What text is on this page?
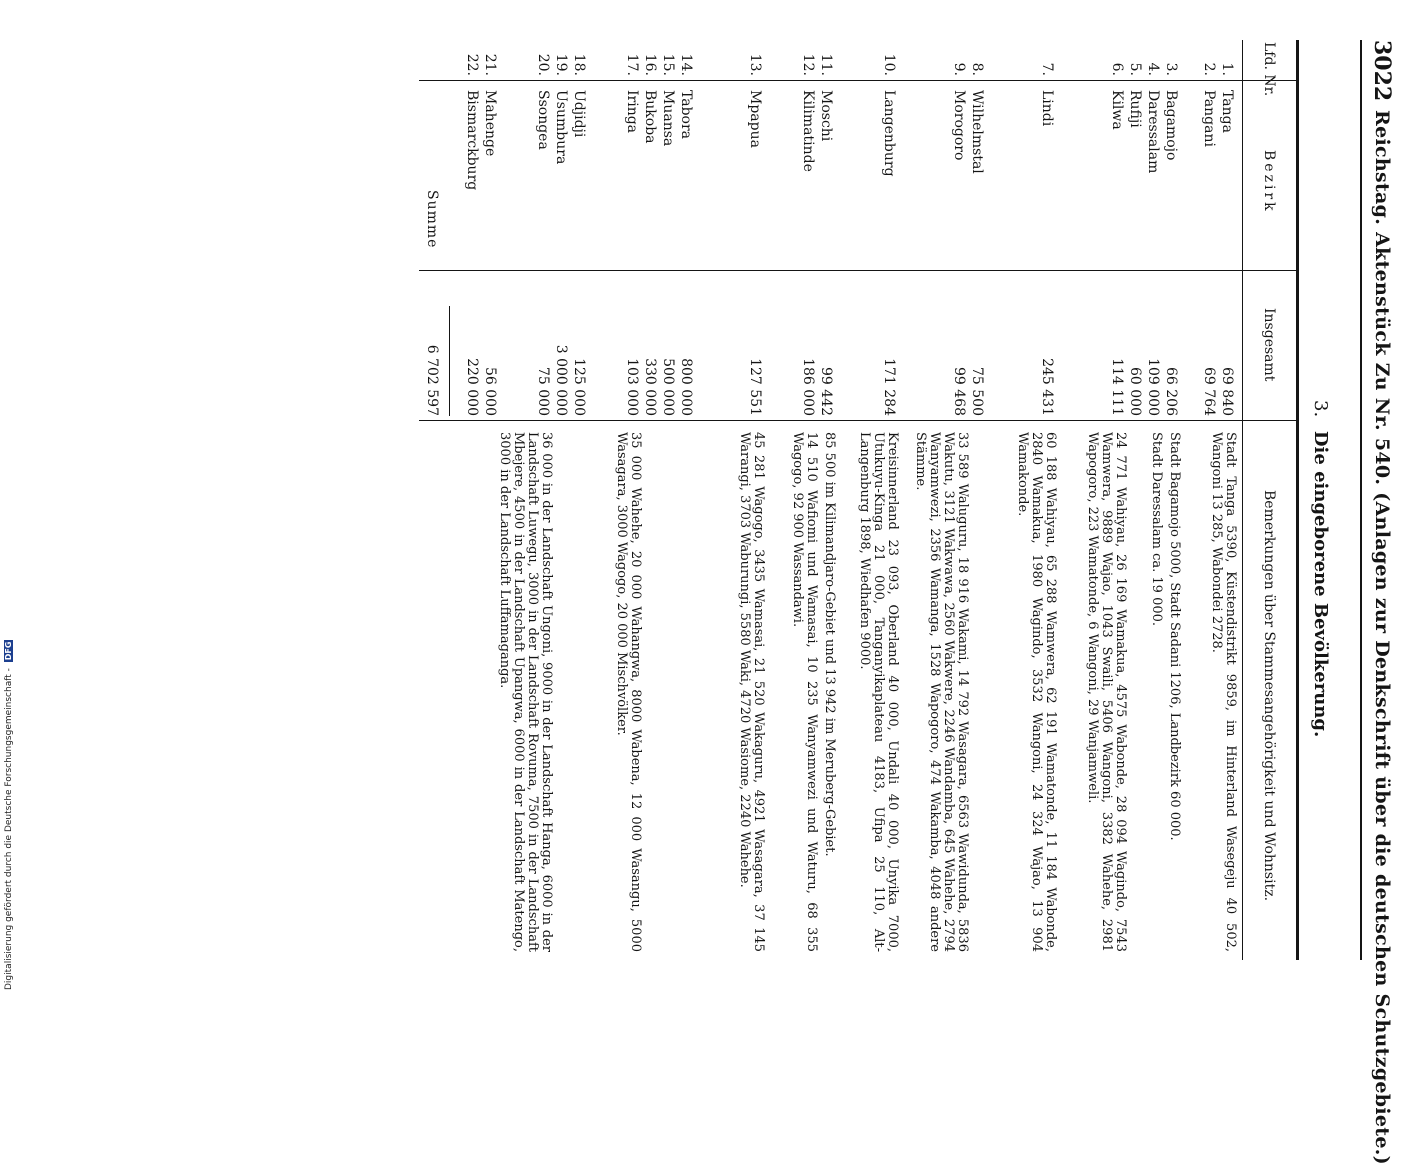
3022
Reichstag. Aktenstück Zu Nr. 540. (Anlagen zur Denkschrift über die deutschen Schutzgebiete.)
3. Die eingeborene Bevölkerung.
Lfd. Nr.
Bezirk
Insgesamt
Bemerkungen über Stammesangehörigkeit und Wohnsitz.
1.
Tanga
69 840
Stadt Tanga 5390, Küstendistrikt 9859, im Hinterland Wasegeju 40 502, Wangoni 13 285, Wabondei 2728.
2.
Pangani
69 764
3.
Bagamojo
66 206
Stadt Bagamojo 5000, Stadt Sadani 1206, Landbezirk 60 000.
4.
Daressalam
109 000
Stadt Daressalam ca. 19 000.
5.
Rufiji
60 000
6.
Kilwa
114 111
24 771 Wahiyau, 26 169 Wamakua, 4575 Wabonde, 28 094 Wagindo, 7543 Wamwera, 9889 Wajao, 1043 Swaili, 5406 Wangoni, 3382 Wahehe, 2981 Wapogoro, 223 Wamatonde, 6 Wangoni, 29 Wanjamweli.
7.
Lindi
245 431
60 188 Wahiyau, 65 288 Wamwera, 62 191 Wamatonde, 11 184 Wabonde, 2840 Wamakua, 1980 Wagindo, 3532 Wangoni, 24 324 Wajao, 13 904 Wamakonde.
8.
Wilhelmstal
75 500
9.
Morogoro
99 468
33 589 Waluguru, 18 916 Wakami, 14 792 Wasagara, 6563 Wawidunda, 5836 Wakutu, 3121 Wakwawa, 2560 Wakwere, 2246 Wandamba, 645 Wahehe, 2794 Wanyamwezi, 2356 Wamanga, 1528 Wapogoro, 474 Wakamba, 4048 andere Stämme.
10.
Langenburg
171 284
Kreisinnerland 23 093, Oberland 40 000, Undali 40 000, Unyika 7000, Utukuyu-Kinga 21 000, Tanganyikaplateau 4183, Ufipa 25 110, Alt-Langenburg 1898, Wiedhafen 9000.
11.
Moschi
99 442
85 500 im Kilimandjaro-Gebiet und 13 942 im Meruberg-Gebiet.
12.
Kilimatinde
186 000
14 510 Wafiomi und Wamasai, 10 235 Wanyamwezi und Waturu, 68 355 Wagogo, 92 900 Wassandawi.
13.
Mpapua
127 551
45 281 Wagogo, 3435 Wamasai, 21 520 Wakaguru, 4921 Wasagara, 37 145 Warangi, 3703 Waburungi, 5580 Waki, 4720 Wasiome, 2240 Wahehe.
14.
Tabora
800 000
15.
Muansa
500 000
16.
Bukoba
330 000
17.
Iringa
103 000
35 000 Wahehe, 20 000 Wahangwa, 8000 Wabena, 12 000 Wasangu, 5000 Wasagara, 3000 Wagogo, 20 000 Mischvölker.
18.
Udjidji
125 000
19.
Usumbura
3 000 000
20.
Ssongea
75 000
36 000 in der Landschaft Ungoni, 9000 in der Landschaft Hanga, 6000 in der Landschaft Luwegu, 3000 in der Landschaft Rovuma, 7500 in der Landschaft Mbejere, 4500 in der Landschaft Upangwa, 6000 in der Landschaft Matengo, 3000 in der Landschaft Luffamaganga.
21.
Mahenge
56 000
22.
Bismarckburg
220 000
Summe
6 702 597
Digitalisierung gefördert durch die Deutsche Forschungsgemeinschaft - DFG
